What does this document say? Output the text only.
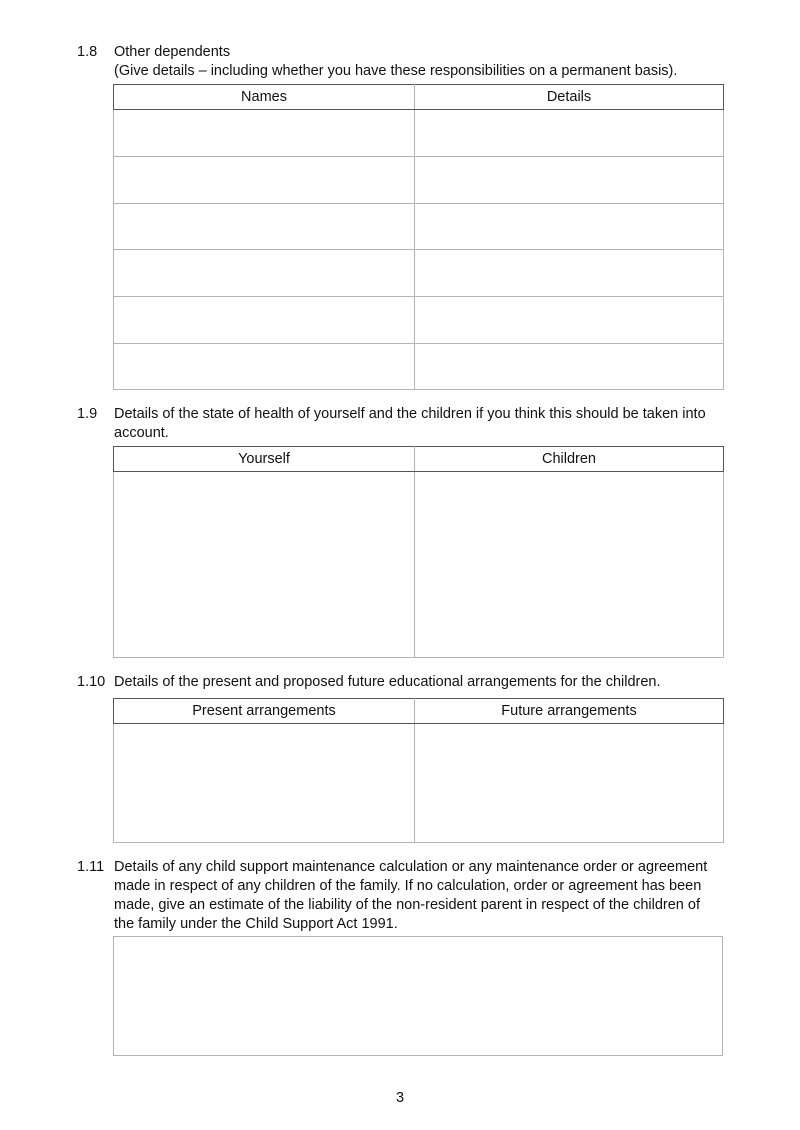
1.8 Other dependents
(Give details – including whether you have these responsibilities on a permanent basis).
Names	Details

1.9 Details of the state of health of yourself and the children if you think this should be taken into
account.
Yourself	Children

1.10 Details of the present and proposed future educational arrangements for the children.
Present arrangements	Future arrangements

1.11 Details of any child support maintenance calculation or any maintenance order or agreement
made in respect of any children of the family. If no calculation, order or agreement has been
made, give an estimate of the liability of the non-resident parent in respect of the children of
the family under the Child Support Act 1991.
3
